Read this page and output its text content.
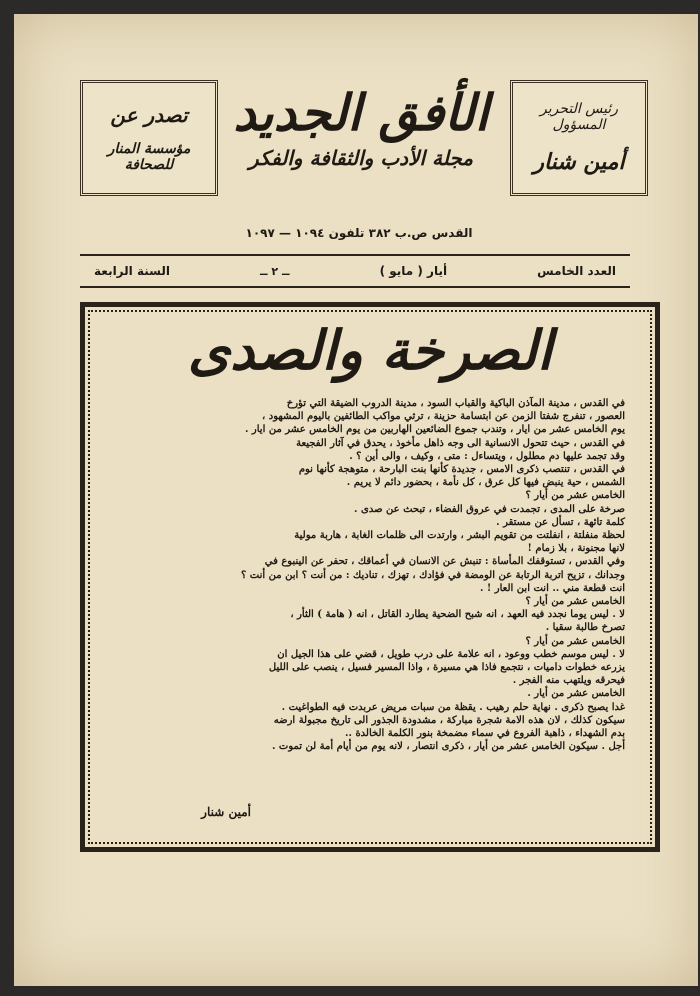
رئيس التحرير المسؤول
أمين شنار
الأفق الجديد
مجلة الأدب والثقافة والفكر
تصدر عن
مؤسسة المنار للصحافة
القدس ص.ب ٣٨٢ تلفون ١٠٩٤ — ١٠٩٧
العدد الخامس
أيار ( مايو )
ــ ٢ ــ
السنة الرابعة
الصرخة والصدى

في القدس ، مدينة المآذن الباكية والقباب السود ، مدينة الدروب الضيقة التي تؤرخ

العصور ، تنفرج شفتا الزمن عن ابتسامة حزينة ، ترثي مواكب الطائفين باليوم المشهود ،

يوم الخامس عشر من ايار ، وتندب جموع الضائعين الهاربين من يوم الخامس عشر من ايار .

في القدس ، حيث تتحول الانسانية الى وجه ذاهل مأخوذ ، يحدق في آثار الفجيعة

وقد تجمد عليها دم مطلول ، ويتساءل : متى ، وكيف ، والى أين ؟ .

في القدس ، تنتصب ذكرى الامس ، جديدة كأنها بنت البارحة ، متوهجة كأنها نوم

الشمس ، حية ينبض فيها كل عرق ، كل نأمة ، بحضور دائم لا يريم .

الخامس عشر من أيار ؟

صرخة على المدى ، تجمدت في عروق الفضاء ، تبحث عن صدى .

كلمة تائهة ، تسأل عن مستقر .

لحظة منفلتة ، انفلتت من تقويم البشر ، وارتدت الى ظلمات الغابة ، هاربة مولية

لانها مجنونة ، بلا زمام !

وفي القدس ، تستوقفك المأساة : تنبش عن الانسان في أعماقك ، تحفر عن الينبوع في

وجدانك ، تزيح اتربة الرتابة عن الومضة في فؤادك ، تهزك ، تناديك : من أنت ؟ ابن من أنت ؟

انت قطعة مني .. انت ابن العار ! .

الخامس عشر من أيار ؟

لا . ليس يوما نجدد فيه العهد ، انه شبح الضحية يطارد القاتل ، انه ( هامة ) الثأر ،

تصرخ طالبة سقيا .

الخامس عشر من أيار ؟

لا . ليس موسم خطب ووعود ، انه علامة على درب طويل ، قضي على هذا الجيل ان

يزرعه خطوات داميات ، نتجمع فاذا هي مسيرة ، واذا المسير فسيل ، ينصب على الليل

فيحرقه ويلتهب منه الفجر .

الخامس عشر من أيار .

غدا يصبح ذكرى . نهاية حلم رهيب . يقظة من سبات مريض عربدت فيه الطواغيت .

سيكون كذلك ، لان هذه الامة شجرة مباركة ، مشدودة الجذور الى تاريخ مجبولة ارضه

بدم الشهداء ، ذاهبة الفروع في سماء مضمخة بنور الكلمة الخالدة ..

أجل . سيكون الخامس عشر من أيار ، ذكرى انتصار ، لانه يوم من أيام أمة لن تموت .

أمين شنار
